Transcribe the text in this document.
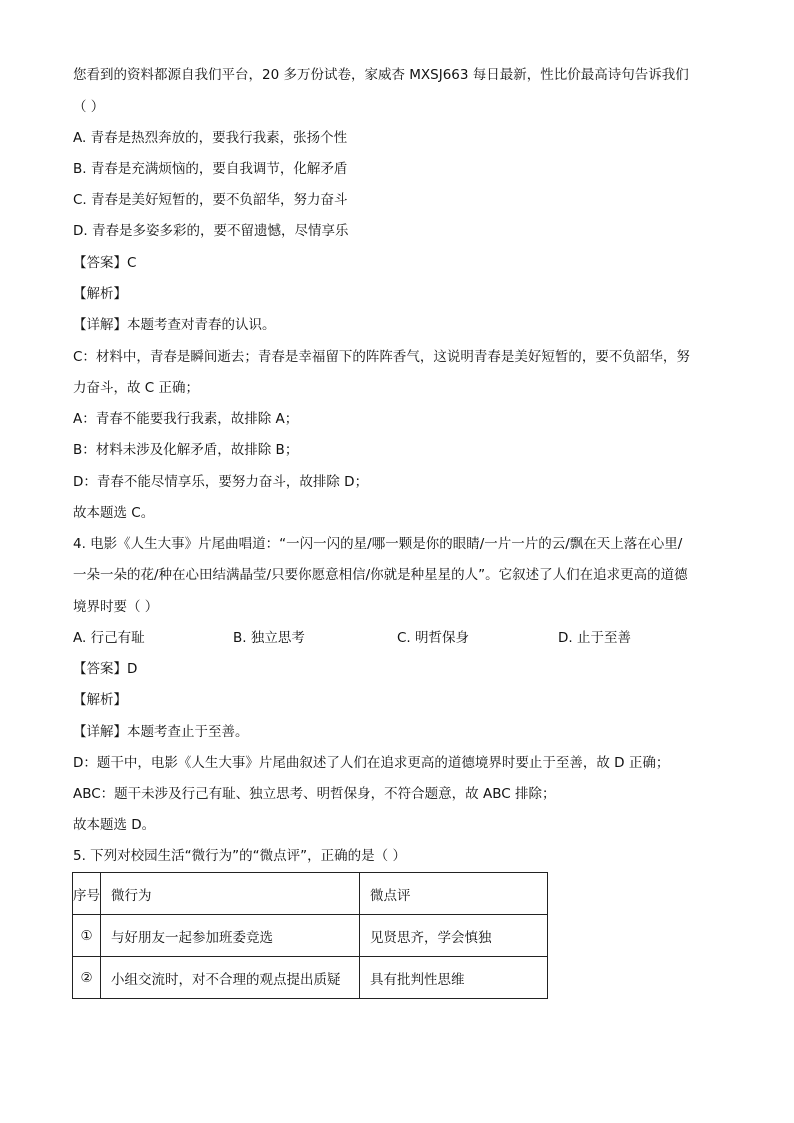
您看到的资料都源自我们平台，20 多万份试卷，家威杏 MXSJ663 每日最新，性比价最高诗句告诉我们
（ ）
A. 青春是热烈奔放的，要我行我素，张扬个性
B. 青春是充满烦恼的，要自我调节，化解矛盾
C. 青春是美好短暂的，要不负韶华，努力奋斗
D. 青春是多姿多彩的，要不留遗憾，尽情享乐
【答案】C
【解析】
【详解】本题考查对青春的认识。
C：材料中，青春是瞬间逝去；青春是幸福留下的阵阵香气，这说明青春是美好短暂的，要不负韶华，努
力奋斗，故 C 正确；
A：青春不能要我行我素，故排除 A；
B：材料未涉及化解矛盾，故排除 B；
D：青春不能尽情享乐，要努力奋斗，故排除 D；
故本题选 C。
4. 电影《人生大事》片尾曲唱道：“一闪一闪的星/哪一颗是你的眼睛/一片一片的云/飘在天上落在心里/
一朵一朵的花/种在心田结满晶莹/只要你愿意相信/你就是种星星的人”。它叙述了人们在追求更高的道德
境界时要（ ）
A. 行己有耻	B. 独立思考	C. 明哲保身	D. 止于至善
【答案】D
【解析】
【详解】本题考查止于至善。
D：题干中，电影《人生大事》片尾曲叙述了人们在追求更高的道德境界时要止于至善，故 D 正确；
ABC：题干未涉及行己有耻、独立思考、明哲保身，不符合题意，故 ABC 排除；
故本题选 D。
5. 下列对校园生活“微行为”的“微点评”，正确的是（ ）
序号	微行为	微点评
①	与好朋友一起参加班委竞选	见贤思齐，学会慎独
②	小组交流时，对不合理的观点提出质疑	具有批判性思维
